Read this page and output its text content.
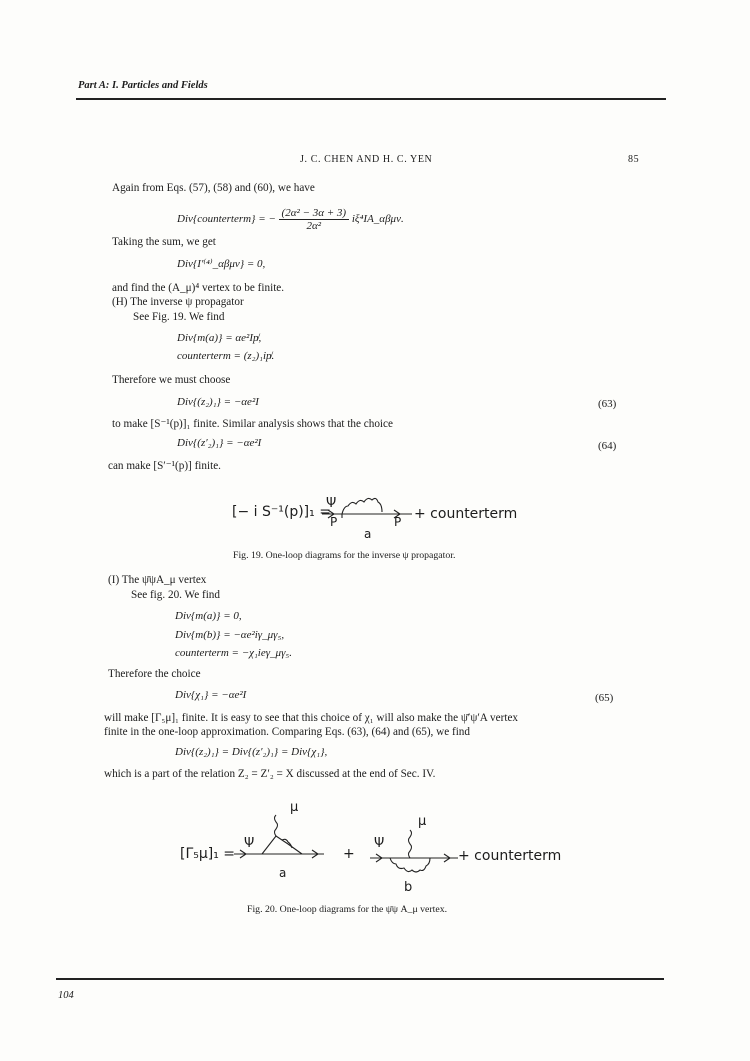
Part A: I. Particles and Fields
J. C. CHEN AND H. C. YEN	85
Again from Eqs. (57), (58) and (60), we have
Div{counterterm} = − $\frac{\text{(2α² − 3α + 3)}}{\text{2α²}}$ iξ⁴IA_αβμν.
Taking the sum, we get
Div{I′⁽⁴⁾_αβμν} = 0,
and find the (A_μ)⁴ vertex to be finite.
(H) The inverse ψ propagator
See Fig. 19. We find
Div{m(a)} = αe²Ip̸,
counterterm = (z₂)₁ip̸.
Therefore we must choose
Div{(z₂)₁} = −αe²I	(63)
to make [S⁻¹(p)]₁ finite. Similar analysis shows that the choice
Div{(z′₂)₁} = −αe²I	(64)
can make [S′⁻¹(p)] finite.
[− i S⁻¹(p)]₁ =
Ψ
P	P
a
+ counterterm
Fig. 19. One-loop diagrams for the inverse ψ propagator.
(I) The ψ̄ψA_μ vertex
See fig. 20. We find
Div{m(a)} = 0,
Div{m(b)} = −αe²iγ_μγ₅,
counterterm = −χ₁ieγ_μγ₅.
Therefore the choice
Div{χ₁} = −αe²I	(65)
will make [Γ₅μ]₁ finite. It is easy to see that this choice of χ₁ will also make the ψ̄′ψ′A vertex
finite in the one-loop approximation. Comparing Eqs. (63), (64) and (65), we find
Div{(z₂)₁} = Div{(z′₂)₁} = Div{χ₁},
which is a part of the relation Z₂ = Z′₂ = X discussed at the end of Sec. IV.
[Γ₅μ]₁ =
Ψ
μ
a
+
Ψ
μ
b
+ counterterm
Fig. 20. One-loop diagrams for the ψ̄ψ A_μ vertex.
104
